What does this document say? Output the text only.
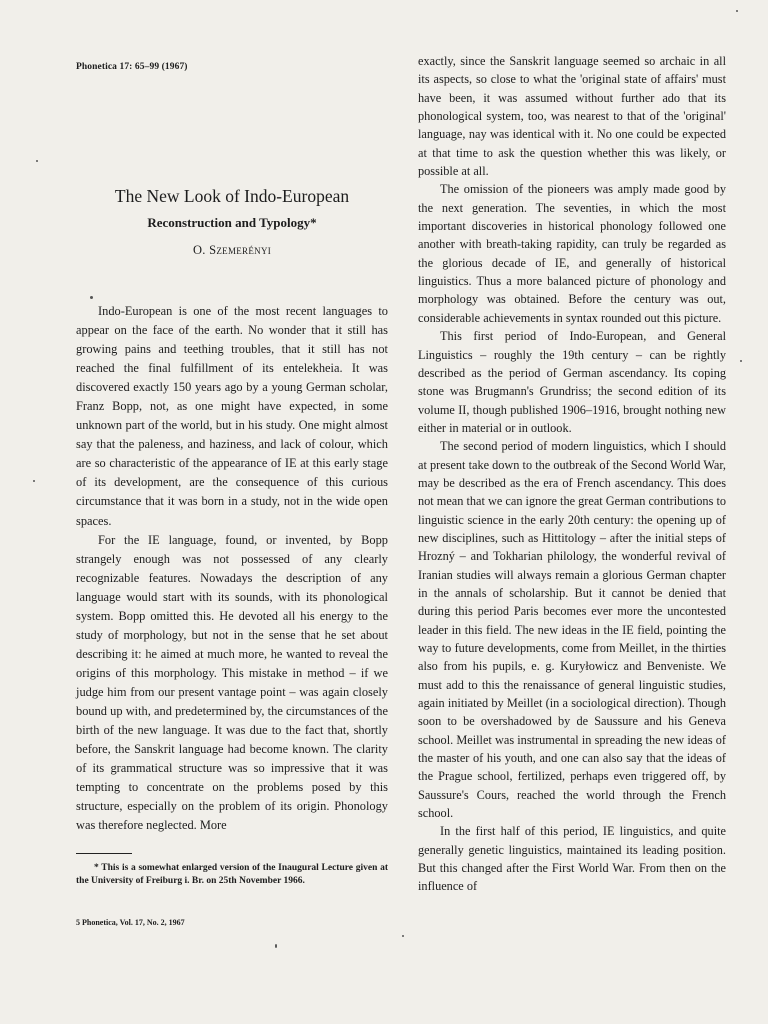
Phonetica 17: 65–99 (1967)
The New Look of Indo-European
Reconstruction and Typology*
O. Szemerényi

Indo-European is one of the most recent languages to appear on the face of the earth. No wonder that it still has growing pains and teething troubles, that it still has not reached the final fulfillment of its entelekheia. It was discovered exactly 150 years ago by a young German scholar, Franz Bopp, not, as one might have expected, in some unknown part of the world, but in his study. One might almost say that the paleness, and haziness, and lack of colour, which are so characteristic of the appearance of IE at this early stage of its development, are the consequence of this curious circumstance that it was born in a study, not in the wide open spaces.

For the IE language, found, or invented, by Bopp strangely enough was not possessed of any clearly recognizable features. Nowadays the description of any language would start with its sounds, with its phonological system. Bopp omitted this. He devoted all his energy to the study of morphology, but not in the sense that he set about describing it: he aimed at much more, he wanted to reveal the origins of this morphology. This mistake in method – if we judge him from our present vantage point – was again closely bound up with, and predetermined by, the circumstances of the birth of the new language. It was due to the fact that, shortly before, the Sanskrit language had become known. The clarity of its grammatical structure was so impressive that it was tempting to concentrate on the problems posed by this structure, especially on the problem of its origin. Phonology was therefore neglected. More

* This is a somewhat enlarged version of the Inaugural Lecture given at the University of Freiburg i. Br. on 25th November 1966.
5 Phonetica, Vol. 17, No. 2, 1967

exactly, since the Sanskrit language seemed so archaic in all its aspects, so close to what the 'original state of affairs' must have been, it was assumed without further ado that its phonological system, too, was nearest to that of the 'original' language, nay was identical with it. No one could be expected at that time to ask the question whether this was likely, or possible at all.

The omission of the pioneers was amply made good by the next generation. The seventies, in which the most important discoveries in historical phonology followed one another with breath-taking rapidity, can truly be regarded as the glorious decade of IE, and generally of historical linguistics. Thus a more balanced picture of phonology and morphology was obtained. Before the century was out, considerable achievements in syntax rounded out this picture.

This first period of Indo-European, and General Linguistics – roughly the 19th century – can be rightly described as the period of German ascendancy. Its coping stone was Brugmann's Grundriss; the second edition of its volume II, though published 1906–1916, brought nothing new either in material or in outlook.

The second period of modern linguistics, which I should at present take down to the outbreak of the Second World War, may be described as the era of French ascendancy. This does not mean that we can ignore the great German contributions to linguistic science in the early 20th century: the opening up of new disciplines, such as Hittitology – after the initial steps of Hrozný – and Tokharian philology, the wonderful revival of Iranian studies will always remain a glorious German chapter in the annals of scholarship. But it cannot be denied that during this period Paris becomes ever more the uncontested leader in this field. The new ideas in the IE field, pointing the way to future developments, come from Meillet, in the thirties also from his pupils, e. g. Kuryłowicz and Benveniste. We must add to this the renaissance of general linguistic studies, again initiated by Meillet (in a sociological direction). Though soon to be overshadowed by de Saussure and his Geneva school. Meillet was instrumental in spreading the new ideas of the master of his youth, and one can also say that the ideas of the Prague school, fertilized, perhaps even triggered off, by Saussure's Cours, reached the world through the French school.

In the first half of this period, IE linguistics, and quite generally genetic linguistics, maintained its leading position. But this changed after the First World War. From then on the influence of
